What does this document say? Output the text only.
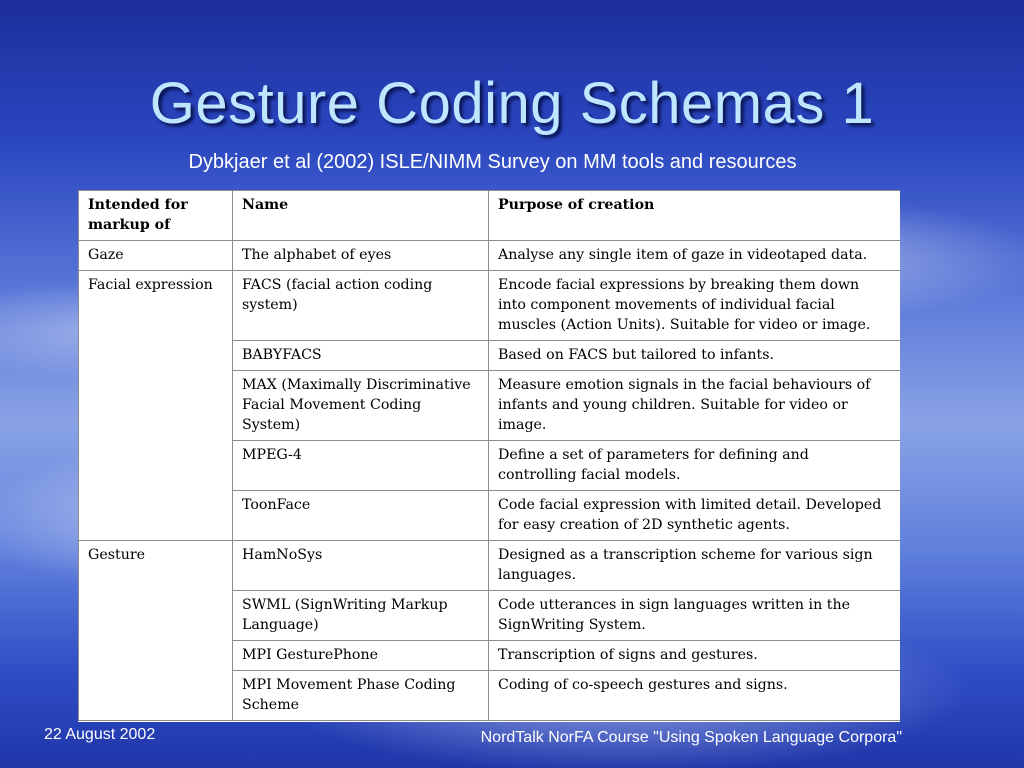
Gesture Coding Schemas 1

Dybkjaer et al (2002) ISLE/NIMM Survey on MM tools and resources

Intended for markup of	Name	Purpose of creation
Gaze	The alphabet of eyes	Analyse any single item of gaze in videotaped data.
Facial expression	FACS (facial action coding system)	Encode facial expressions by breaking them down into component movements of individual facial muscles (Action Units). Suitable for video or image.
	BABYFACS	Based on FACS but tailored to infants.
	MAX (Maximally Discriminative Facial Movement Coding System)	Measure emotion signals in the facial behaviours of infants and young children. Suitable for video or image.
	MPEG-4	Define a set of parameters for defining and controlling facial models.
	ToonFace	Code facial expression with limited detail. Developed for easy creation of 2D synthetic agents.
Gesture	HamNoSys	Designed as a transcription scheme for various sign languages.
	SWML (SignWriting Markup Language)	Code utterances in sign languages written in the SignWriting System.
	MPI GesturePhone	Transcription of signs and gestures.
	MPI Movement Phase Coding Scheme	Coding of co-speech gestures and signs.
22 August 2002	NordTalk NorFA Course "Using Spoken Language Corpora"
